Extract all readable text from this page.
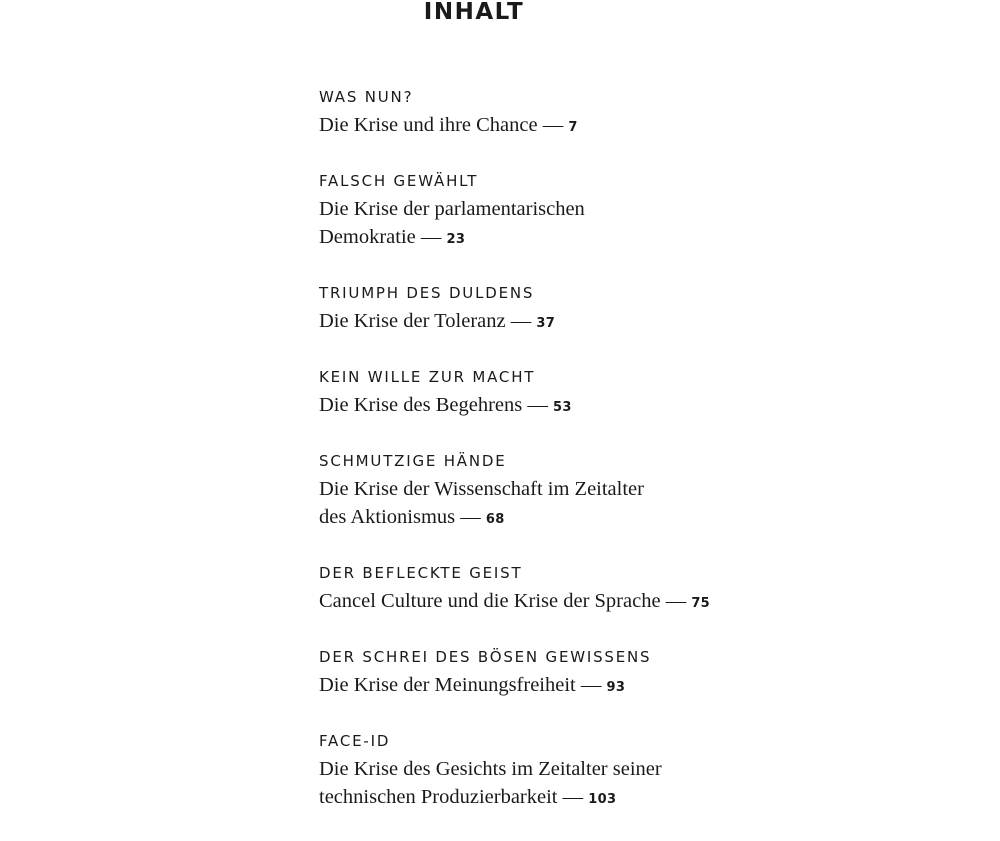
INHALT
WAS NUN?
Die Krise und ihre Chance — 7
FALSCH GEWÄHLT
Die Krise der parlamentarischen
Demokratie — 23
TRIUMPH DES DULDENS
Die Krise der Toleranz — 37
KEIN WILLE ZUR MACHT
Die Krise des Begehrens — 53
SCHMUTZIGE HÄNDE
Die Krise der Wissenschaft im Zeitalter
des Aktionismus — 68
DER BEFLECKTE GEIST
Cancel Culture und die Krise der Sprache — 75
DER SCHREI DES BÖSEN GEWISSENS
Die Krise der Meinungsfreiheit — 93
FACE-ID
Die Krise des Gesichts im Zeitalter seiner
technischen Produzierbarkeit — 103
